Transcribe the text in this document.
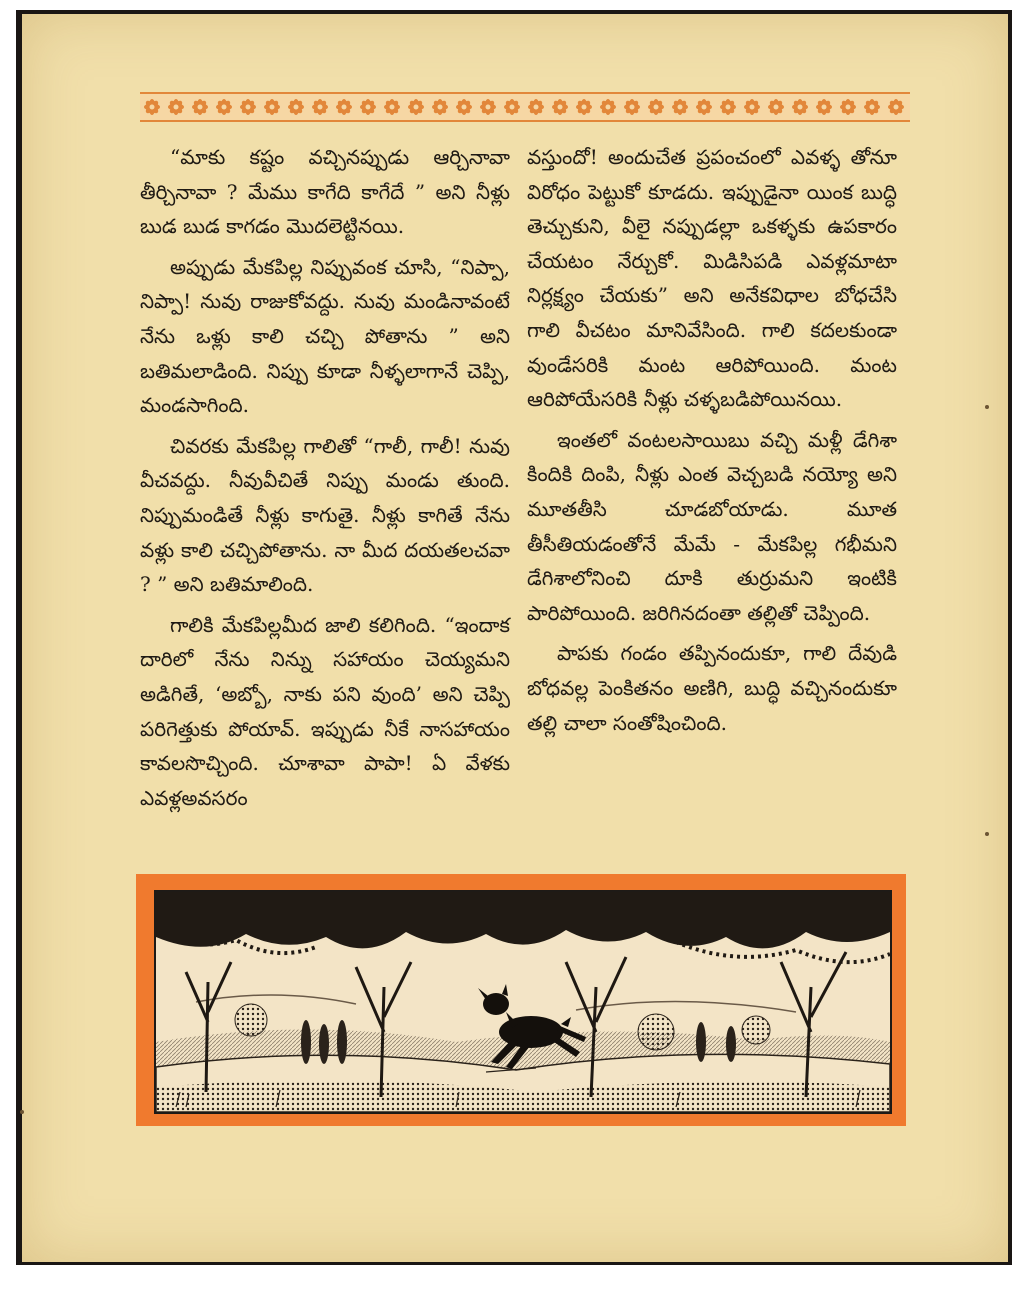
“మాకు కష్టం వచ్చినప్పుడు ఆర్చినావా తీర్చినావా ? మేము కాగేది కాగేదే ” అని నీళ్లు బుడ బుడ కాగడం మొదలెట్టినయి.

అప్పుడు మేకపిల్ల నిప్పువంక చూసి, “నిప్పా, నిప్పా! నువు రాజుకోవద్దు. నువు మండినావంటే నేను ఒళ్లు కాలి చచ్చి పోతాను ” అని బతిమలాడింది. నిప్పు కూడా నీళ్ళలాగానే చెప్పి, మండసాగింది.

చివరకు మేకపిల్ల గాలితో “గాలీ, గాలీ! నువు వీచవద్దు. నీవువీచితే నిప్పు మండు తుంది. నిప్పుమండితే నీళ్లు కాగుతై. నీళ్లు కాగితే నేను వళ్లు కాలి చచ్చిపోతాను. నా మీద దయతలచవా ? ” అని బతిమాలింది.

గాలికి మేకపిల్లమీద జాలి కలిగింది. “ఇందాక దారిలో నేను నిన్ను సహాయం చెయ్యమని అడిగితే, ‘అబ్బో, నాకు పని వుంది’ అని చెప్పి పరిగెత్తుకు పోయావ్. ఇప్పుడు నీకే నాసహాయం కావలసొచ్చింది. చూశావా పాపా! ఏ వేళకు ఎవళ్లఅవసరం

వస్తుందో! అందుచేత ప్రపంచంలో ఎవళ్ళ తోనూ విరోధం పెట్టుకో కూడదు. ఇప్పుడైనా యింక బుద్ధి తెచ్చుకుని, వీలై నప్పుడల్లా ఒకళ్ళకు ఉపకారం చేయటం నేర్చుకో. మిడిసిపడి ఎవళ్లమాటా నిర్లక్ష్యం చేయకు” అని అనేకవిధాల బోధచేసి గాలి వీచటం మానివేసింది. గాలి కదలకుండా వుండేసరికి మంట ఆరిపోయింది. మంట ఆరిపోయేసరికి నీళ్లు చళ్ళబడిపోయినయి.

ఇంతలో వంటలసాయిబు వచ్చి మళ్లీ డేగిశా కిందికి దింపి, నీళ్లు ఎంత వెచ్చబడి నయ్యో అని మూతతీసి చూడబోయాడు. మూత తీసీతియడంతోనే మేమే - మేకపిల్ల గభీమని డేగిశాలోనించి దూకి తుర్రుమని ఇంటికి పారిపోయింది. జరిగినదంతా తల్లితో చెప్పింది.

పాపకు గండం తప్పినందుకూ, గాలి దేవుడి బోధవల్ల పెంకితనం అణిగి, బుద్ధి వచ్చినందుకూ తల్లి చాలా సంతోషించింది.
